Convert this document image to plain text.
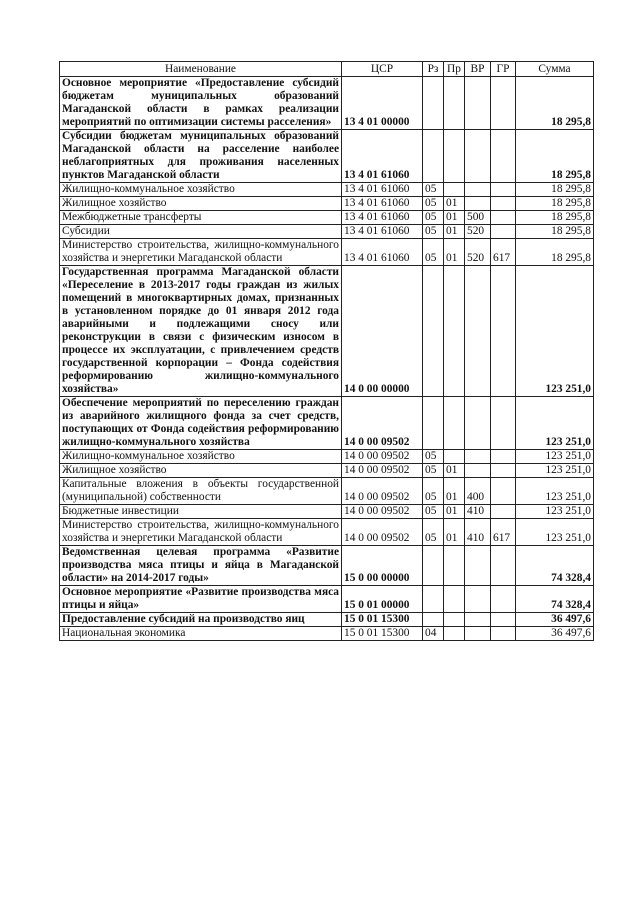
Наименование	ЦСР	Рз	Пр	ВР	ГР	Сумма
Основное мероприятие «Предоставление субсидий бюджетам муниципальных образований Магаданской области в рамках реализации мероприятий по оптимизации системы расселения»	13 4 01 00000					18 295,8
Субсидии бюджетам муниципальных образований Магаданской области на расселение наиболее неблагоприятных для проживания населенных пунктов Магаданской области	13 4 01 61060					18 295,8
Жилищно-коммунальное хозяйство	13 4 01 61060	05				18 295,8
Жилищное хозяйство	13 4 01 61060	05	01			18 295,8
Межбюджетные трансферты	13 4 01 61060	05	01	500		18 295,8
Субсидии	13 4 01 61060	05	01	520		18 295,8
Министерство строительства, жилищно-коммунального хозяйства и энергетики Магаданской области	13 4 01 61060	05	01	520	617	18 295,8
Государственная программа Магаданской области «Переселение в 2013-2017 годы граждан из жилых помещений в многоквартирных домах, признанных в установленном порядке до 01 января 2012 года аварийными и подлежащими сносу или реконструкции в связи с физическим износом в процессе их эксплуатации, с привлечением средств государственной корпорации – Фонда содействия реформированию жилищно-коммунального хозяйства»	14 0 00 00000					123 251,0
Обеспечение мероприятий по переселению граждан из аварийного жилищного фонда за счет средств, поступающих от Фонда содействия реформированию жилищно-коммунального хозяйства	14 0 00 09502					123 251,0
Жилищно-коммунальное хозяйство	14 0 00 09502	05				123 251,0
Жилищное хозяйство	14 0 00 09502	05	01			123 251,0
Капитальные вложения в объекты государственной (муниципальной) собственности	14 0 00 09502	05	01	400		123 251,0
Бюджетные инвестиции	14 0 00 09502	05	01	410		123 251,0
Министерство строительства, жилищно-коммунального хозяйства и энергетики Магаданской области	14 0 00 09502	05	01	410	617	123 251,0
Ведомственная целевая программа «Развитие производства мяса птицы и яйца в Магаданской области» на 2014-2017 годы»	15 0 00 00000					74 328,4
Основное мероприятие «Развитие производства мяса птицы и яйца»	15 0 01 00000					74 328,4
Предоставление субсидий на производство яиц	15 0 01 15300					36 497,6
Национальная экономика	15 0 01 15300	04				36 497,6
